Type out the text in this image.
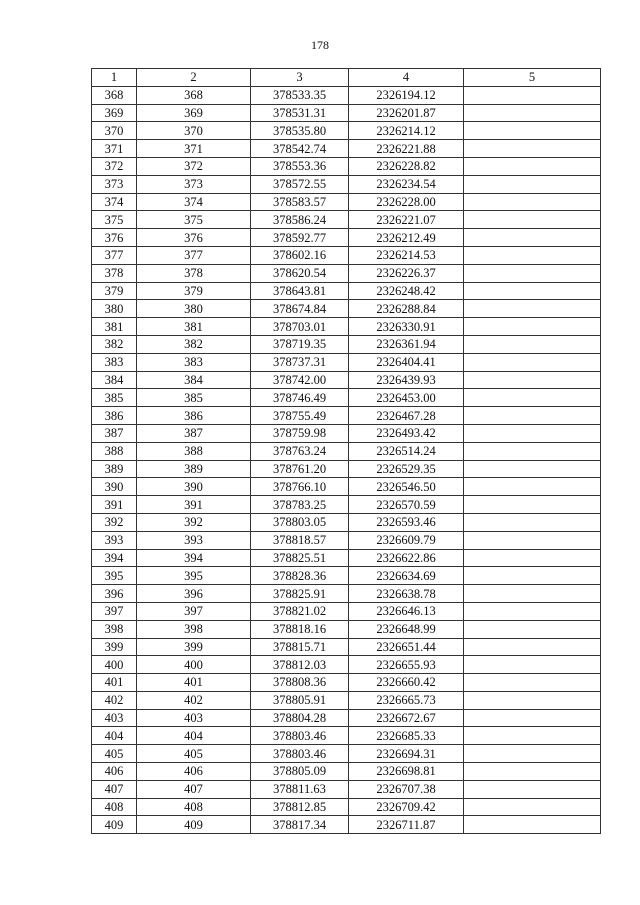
178
1	2	3	4	5
368	368	378533.35	2326194.12	
369	369	378531.31	2326201.87	
370	370	378535.80	2326214.12	
371	371	378542.74	2326221.88	
372	372	378553.36	2326228.82	
373	373	378572.55	2326234.54	
374	374	378583.57	2326228.00	
375	375	378586.24	2326221.07	
376	376	378592.77	2326212.49	
377	377	378602.16	2326214.53	
378	378	378620.54	2326226.37	
379	379	378643.81	2326248.42	
380	380	378674.84	2326288.84	
381	381	378703.01	2326330.91	
382	382	378719.35	2326361.94	
383	383	378737.31	2326404.41	
384	384	378742.00	2326439.93	
385	385	378746.49	2326453.00	
386	386	378755.49	2326467.28	
387	387	378759.98	2326493.42	
388	388	378763.24	2326514.24	
389	389	378761.20	2326529.35	
390	390	378766.10	2326546.50	
391	391	378783.25	2326570.59	
392	392	378803.05	2326593.46	
393	393	378818.57	2326609.79	
394	394	378825.51	2326622.86	
395	395	378828.36	2326634.69	
396	396	378825.91	2326638.78	
397	397	378821.02	2326646.13	
398	398	378818.16	2326648.99	
399	399	378815.71	2326651.44	
400	400	378812.03	2326655.93	
401	401	378808.36	2326660.42	
402	402	378805.91	2326665.73	
403	403	378804.28	2326672.67	
404	404	378803.46	2326685.33	
405	405	378803.46	2326694.31	
406	406	378805.09	2326698.81	
407	407	378811.63	2326707.38	
408	408	378812.85	2326709.42	
409	409	378817.34	2326711.87	
